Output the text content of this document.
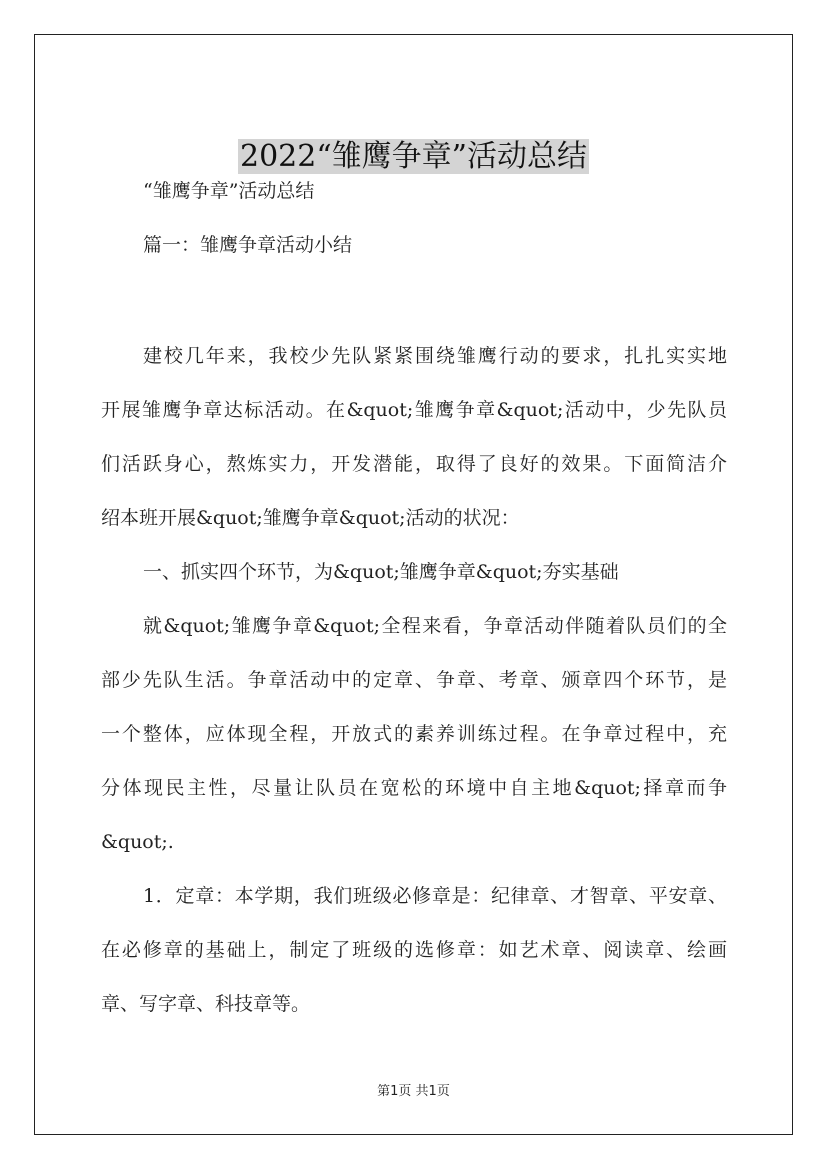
2022“雏鹰争章”活动总结
“雏鹰争章”活动总结
篇一：雏鹰争章活动小结
建校几年来，我校少先队紧紧围绕雏鹰行动的要求，扎扎实实地
开展雏鹰争章达标活动。在&quot;雏鹰争章&quot;活动中，少先队员
们活跃身心，熬炼实力，开发潜能，取得了良好的效果。下面简洁介
绍本班开展&quot;雏鹰争章&quot;活动的状况：
一、抓实四个环节，为&quot;雏鹰争章&quot;夯实基础
就&quot;雏鹰争章&quot;全程来看，争章活动伴随着队员们的全
部少先队生活。争章活动中的定章、争章、考章、颁章四个环节，是
一个整体，应体现全程，开放式的素养训练过程。在争章过程中，充
分体现民主性，尽量让队员在宽松的环境中自主地&quot;择章而争
&quot;.
1．定章：本学期，我们班级必修章是：纪律章、才智章、平安章、
在必修章的基础上，制定了班级的选修章：如艺术章、阅读章、绘画
章、写字章、科技章等。
第1页 共1页
